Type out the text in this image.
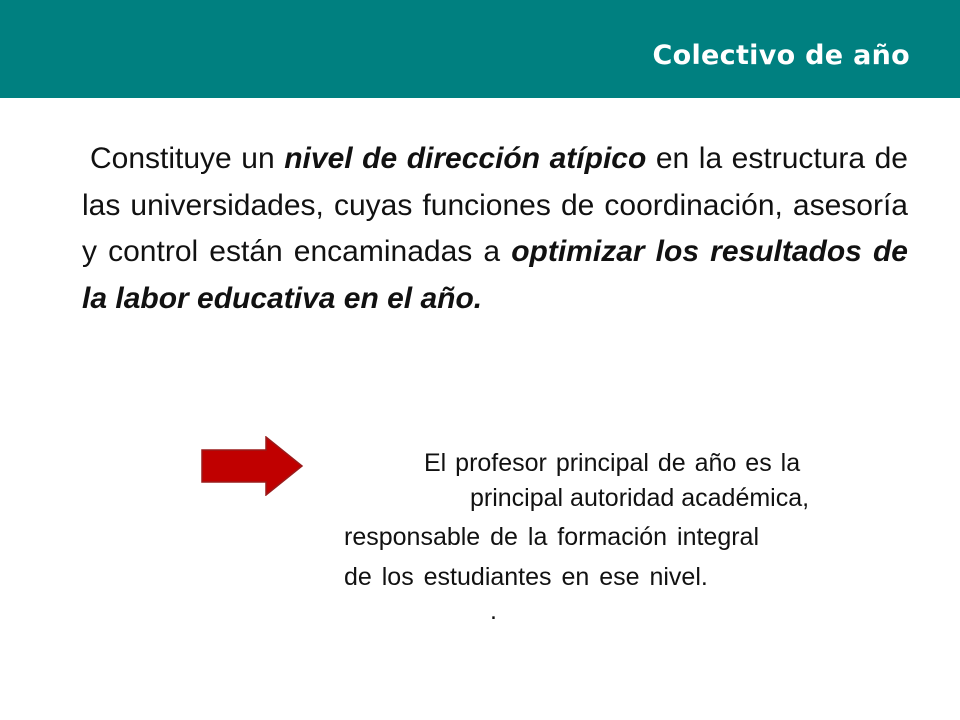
Colectivo de año

Constituye un nivel de dirección atípico en la estructura de las universidades, cuyas funciones de coordinación, asesoría y control están encaminadas a optimizar los resultados de la labor educativa en el año.

El profesor principal de año es la

principal autoridad académica,

responsable de la formación integral

de los estudiantes en ese nivel.

.
